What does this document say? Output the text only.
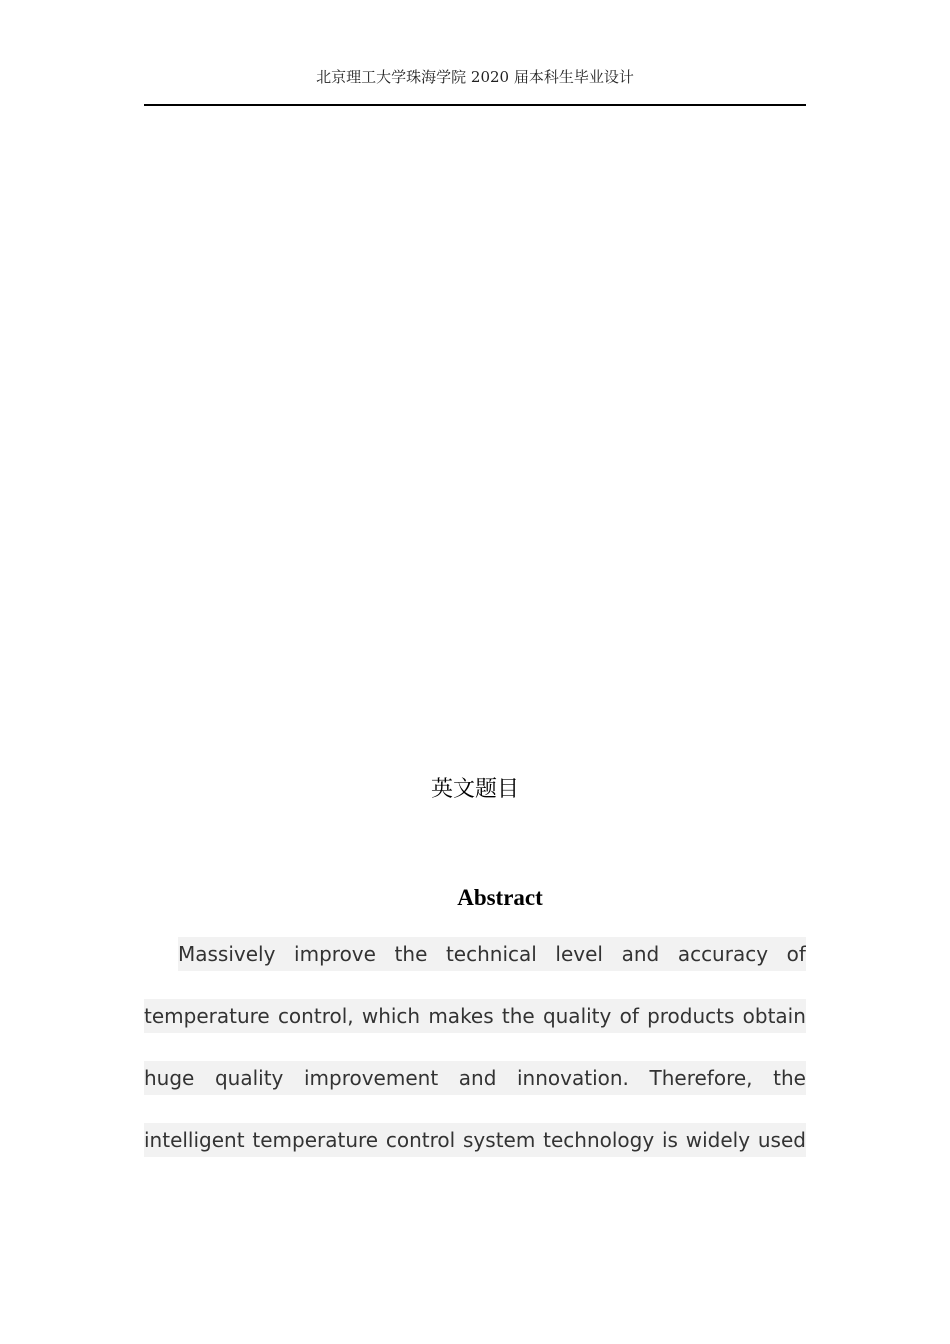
北京理工大学珠海学院 2020 届本科生毕业设计
英文题目
Abstract
Massively improve the technical level and accuracy of
temperature control, which makes the quality of products obtain
huge quality improvement and innovation. Therefore, the
intelligent temperature control system technology is widely used
